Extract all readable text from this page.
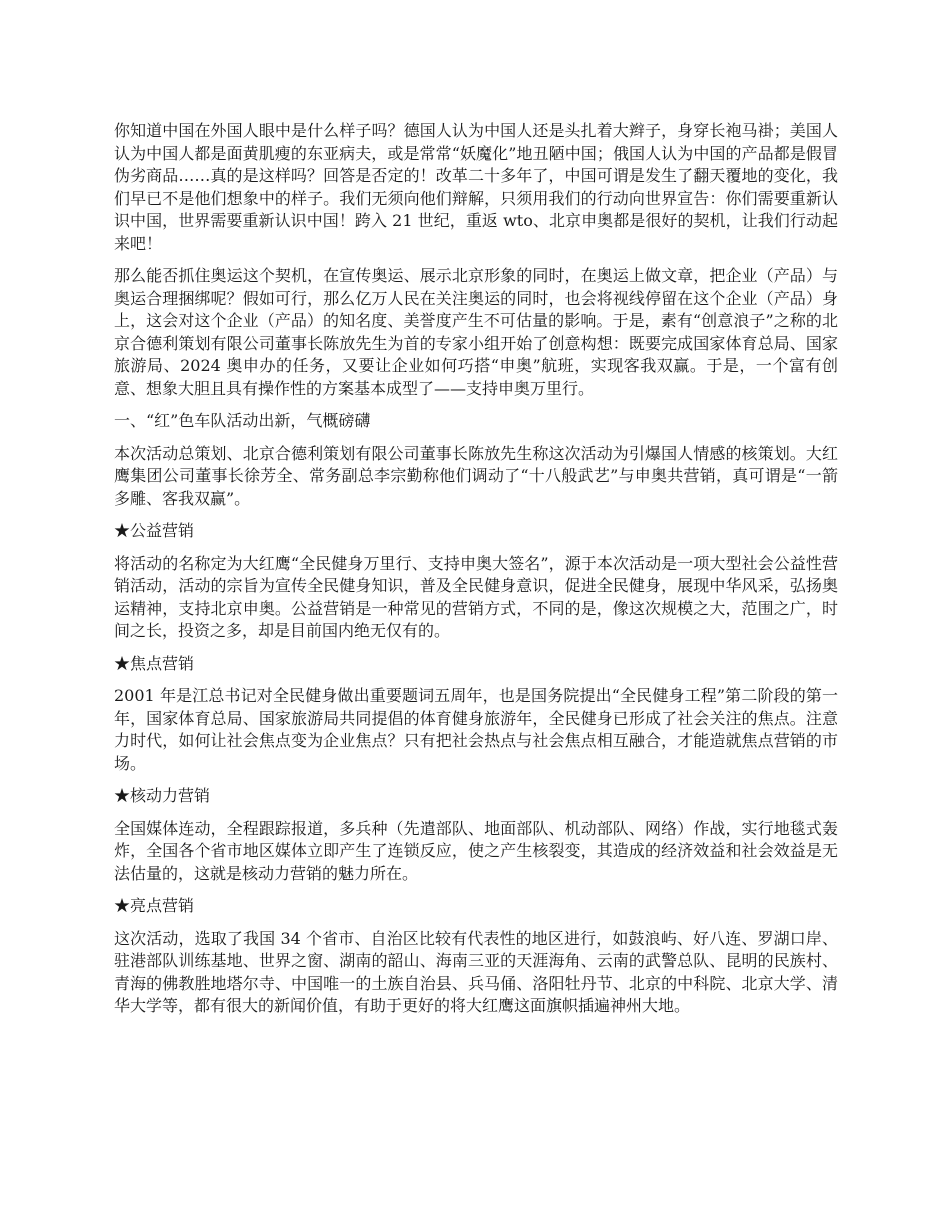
你知道中国在外国人眼中是什么样子吗？德国人认为中国人还是头扎着大辫子，身穿长袍马褂；美国人认为中国人都是面黄肌瘦的东亚病夫，或是常常“妖魔化”地丑陋中国；俄国人认为中国的产品都是假冒伪劣商品……真的是这样吗？回答是否定的！改革二十多年了，中国可谓是发生了翻天覆地的变化，我们早已不是他们想象中的样子。我们无须向他们辩解，只须用我们的行动向世界宣告：你们需要重新认识中国，世界需要重新认识中国！跨入 21 世纪，重返 wto、北京申奥都是很好的契机，让我们行动起来吧！

那么能否抓住奥运这个契机，在宣传奥运、展示北京形象的同时，在奥运上做文章，把企业（产品）与奥运合理捆绑呢？假如可行，那么亿万人民在关注奥运的同时，也会将视线停留在这个企业（产品）身上，这会对这个企业（产品）的知名度、美誉度产生不可估量的影响。于是，素有“创意浪子”之称的北京合德利策划有限公司董事长陈放先生为首的专家小组开始了创意构想：既要完成国家体育总局、国家旅游局、2024 奥申办的任务，又要让企业如何巧搭“申奥”航班，实现客我双赢。于是，一个富有创意、想象大胆且具有操作性的方案基本成型了——支持申奥万里行。

一、“红”色车队活动出新，气概磅礴

本次活动总策划、北京合德利策划有限公司董事长陈放先生称这次活动为引爆国人情感的核策划。大红鹰集团公司董事长徐芳全、常务副总李宗勤称他们调动了“十八般武艺”与申奥共营销，真可谓是“一箭多雕、客我双赢”。

★公益营销

将活动的名称定为大红鹰“全民健身万里行、支持申奥大签名”，源于本次活动是一项大型社会公益性营销活动，活动的宗旨为宣传全民健身知识，普及全民健身意识，促进全民健身，展现中华风采，弘扬奥运精神，支持北京申奥。公益营销是一种常见的营销方式，不同的是，像这次规模之大，范围之广，时间之长，投资之多，却是目前国内绝无仅有的。

★焦点营销

2001 年是江总书记对全民健身做出重要题词五周年，也是国务院提出“全民健身工程”第二阶段的第一年，国家体育总局、国家旅游局共同提倡的体育健身旅游年，全民健身已形成了社会关注的焦点。注意力时代，如何让社会焦点变为企业焦点？只有把社会热点与社会焦点相互融合，才能造就焦点营销的市场。

★核动力营销

全国媒体连动，全程跟踪报道，多兵种（先遣部队、地面部队、机动部队、网络）作战，实行地毯式轰炸，全国各个省市地区媒体立即产生了连锁反应，使之产生核裂变，其造成的经济效益和社会效益是无法估量的，这就是核动力营销的魅力所在。

★亮点营销

这次活动，选取了我国 34 个省市、自治区比较有代表性的地区进行，如鼓浪屿、好八连、罗湖口岸、驻港部队训练基地、世界之窗、湖南的韶山、海南三亚的天涯海角、云南的武警总队、昆明的民族村、青海的佛教胜地塔尔寺、中国唯一的土族自治县、兵马俑、洛阳牡丹节、北京的中科院、北京大学、清华大学等，都有很大的新闻价值，有助于更好的将大红鹰这面旗帜插遍神州大地。
